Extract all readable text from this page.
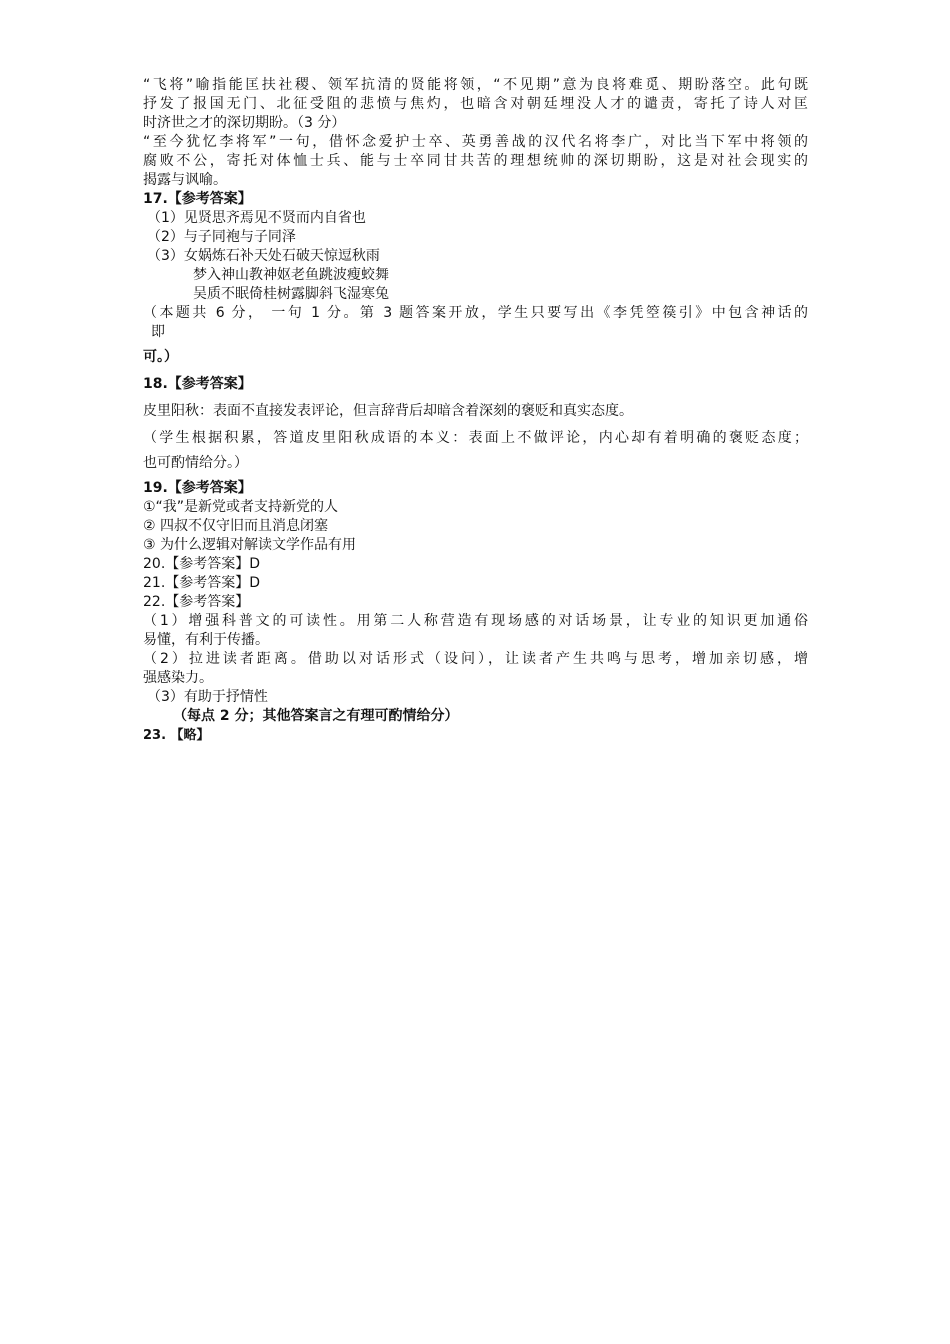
“飞将”喻指能匡扶社稷、领军抗清的贤能将领，“不见期”意为良将难觅、期盼落空。此句既

抒发了报国无门、北征受阻的悲愤与焦灼，也暗含对朝廷埋没人才的谴责，寄托了诗人对匡

时济世之才的深切期盼。（3 分）

“至今犹忆李将军”一句，借怀念爱护士卒、英勇善战的汉代名将李广，对比当下军中将领的

腐败不公，寄托对体恤士兵、能与士卒同甘共苦的理想统帅的深切期盼，这是对社会现实的

揭露与讽喻。

17.【参考答案】

（1）见贤思齐焉见不贤而内自省也

（2）与子同袍与子同泽

（3）女娲炼石补天处石破天惊逗秋雨

梦入神山教神妪老鱼跳波瘦蛟舞

吴质不眠倚桂树露脚斜飞湿寒兔

（本题共 6 分， 一句 1 分。第 3 题答案开放，学生只要写出《李凭箜篌引》中包含神话的

即

可。）

18.【参考答案】

皮里阳秋：表面不直接发表评论，但言辞背后却暗含着深刻的褒贬和真实态度。

（学生根据积累，答道皮里阳秋成语的本义：表面上不做评论，内心却有着明确的褒贬态度；

也可酌情给分。）

19.【参考答案】

①“我”是新党或者支持新党的人

② 四叔不仅守旧而且消息闭塞

③ 为什么逻辑对解读文学作品有用

20.【参考答案】D

21.【参考答案】D

22.【参考答案】

（1）增强科普文的可读性。用第二人称营造有现场感的对话场景，让专业的知识更加通俗

易懂，有利于传播。

（2）拉进读者距离。借助以对话形式（设问），让读者产生共鸣与思考，增加亲切感，增

强感染力。

（3）有助于抒情性

（每点 2 分；其他答案言之有理可酌情给分）

23. 【略】
